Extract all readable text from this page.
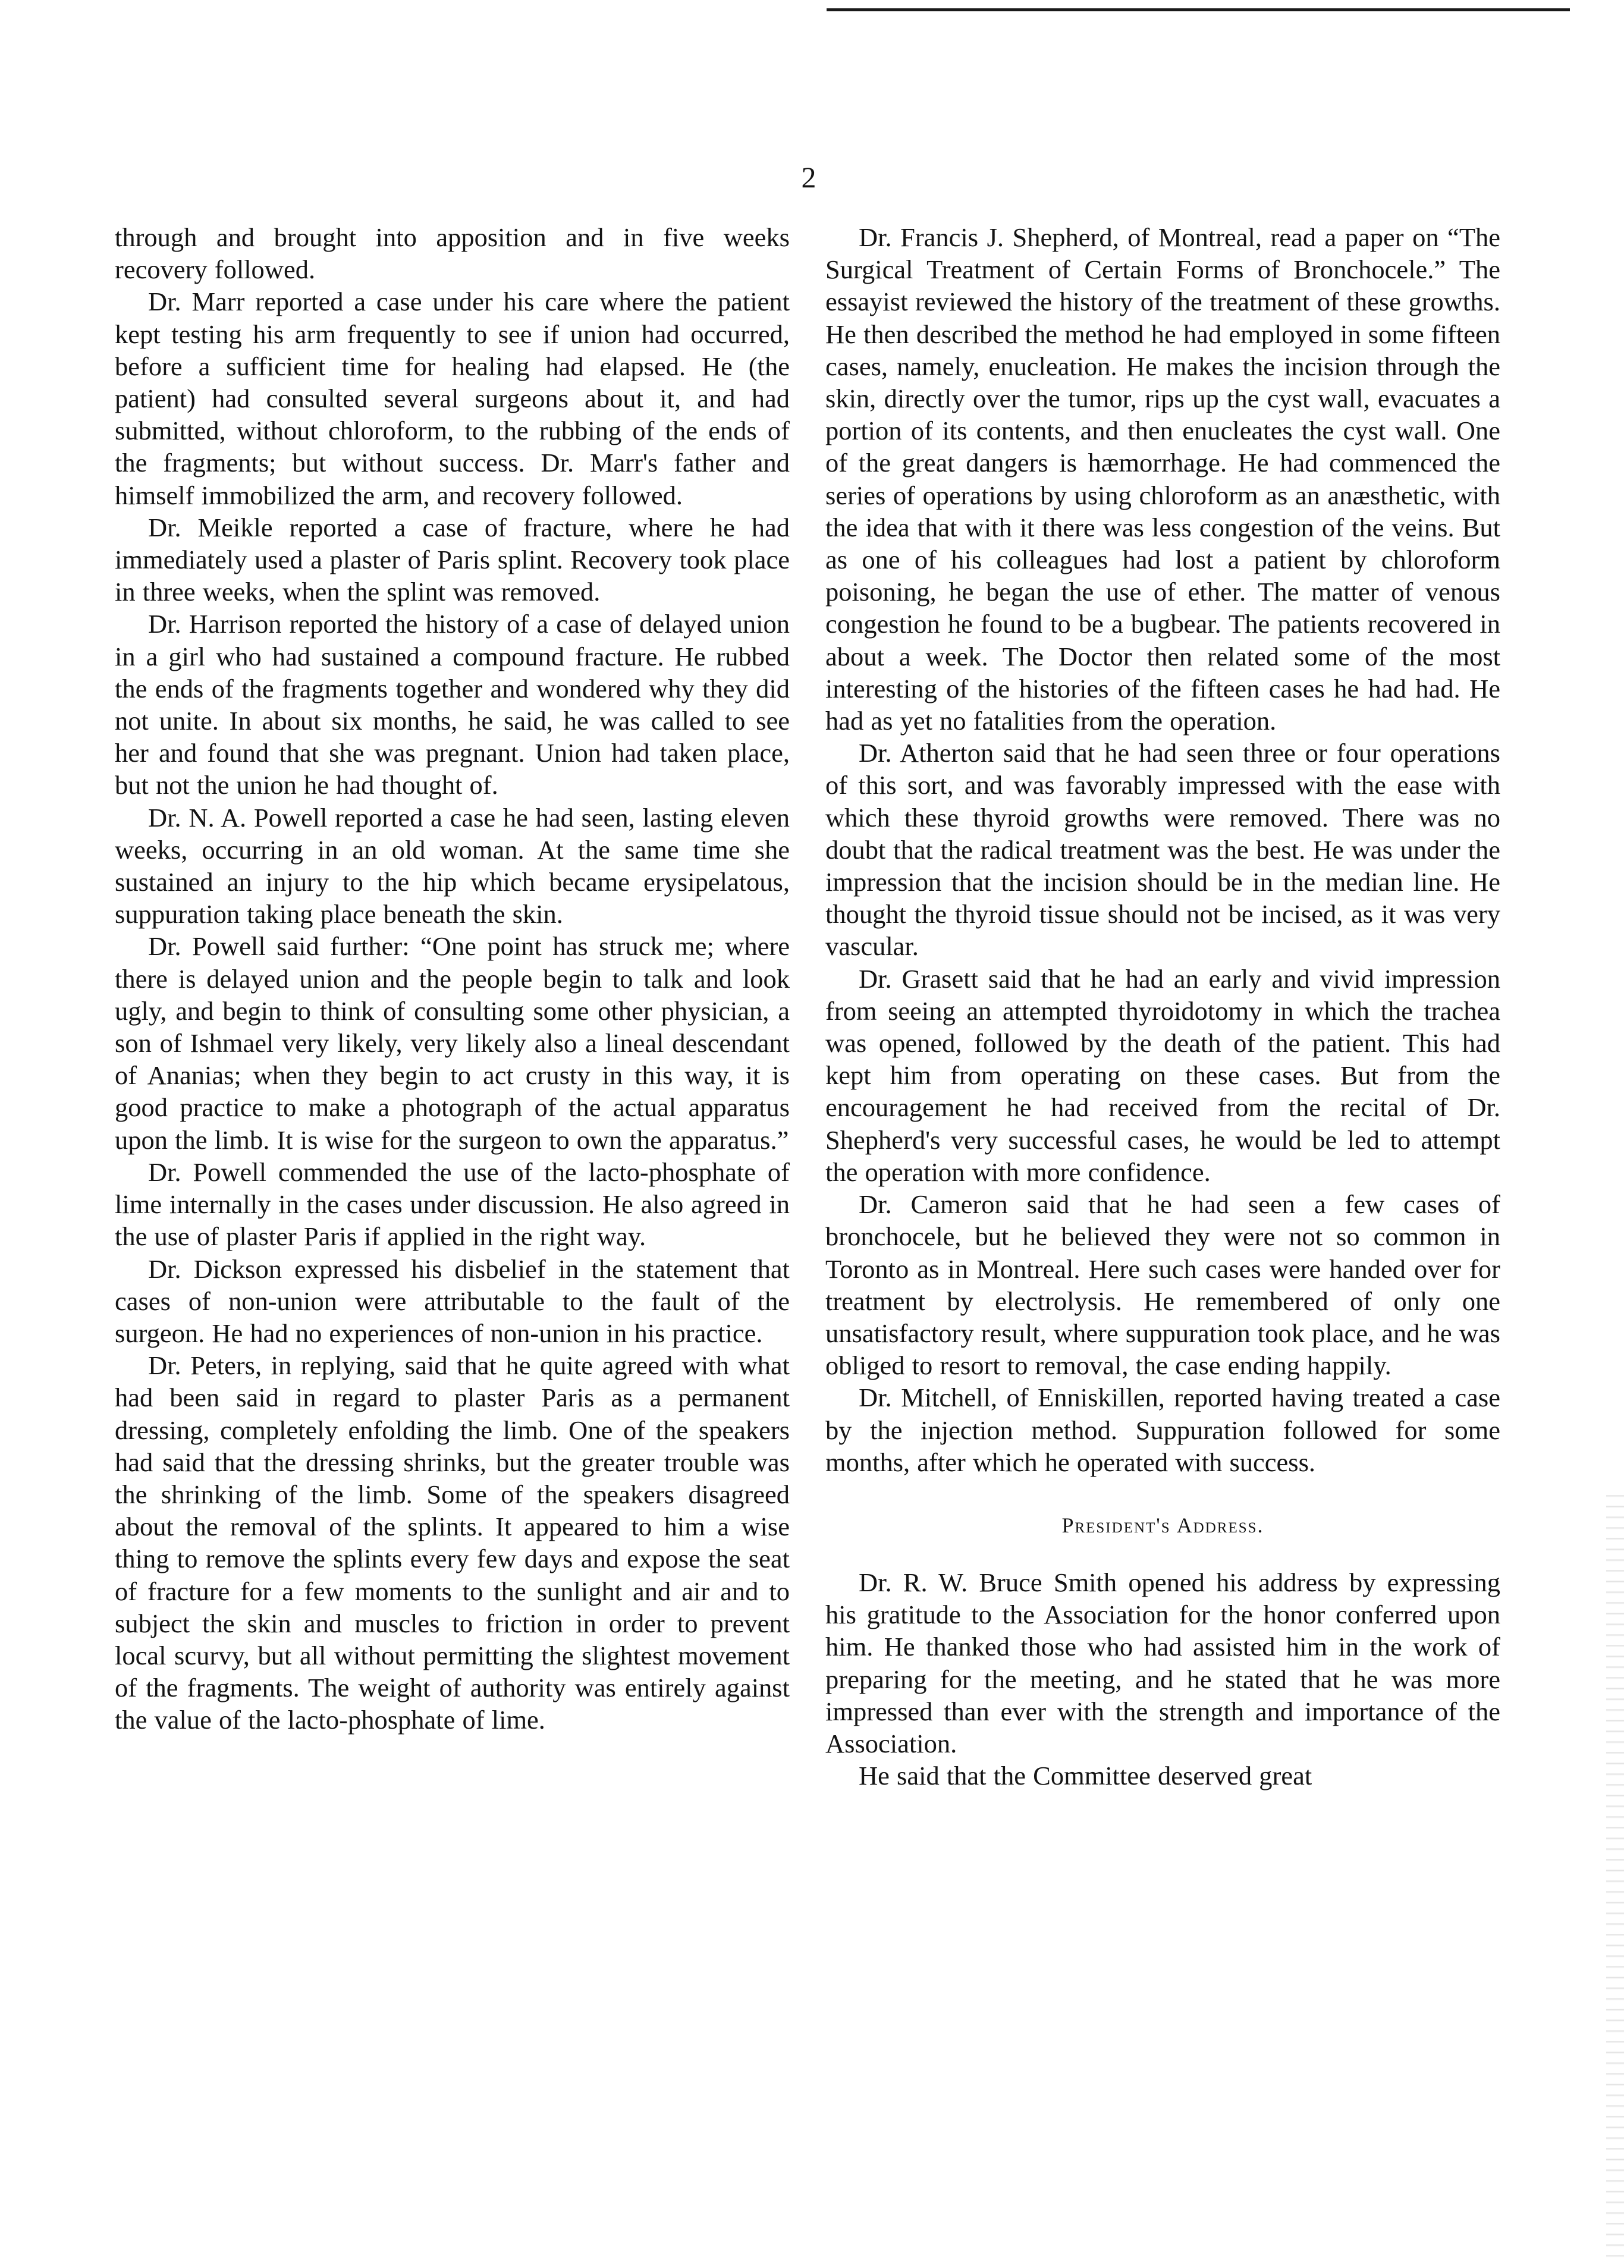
2

through and brought into apposition and in five weeks recovery followed.

Dr. Marr reported a case under his care where the patient kept testing his arm frequently to see if union had occurred, before a sufficient time for healing had elapsed. He (the patient) had consulted several surgeons about it, and had submitted, without chloroform, to the rubbing of the ends of the fragments; but without success. Dr. Marr's father and himself immobilized the arm, and recovery followed.

Dr. Meikle reported a case of fracture, where he had immediately used a plaster of Paris splint. Recovery took place in three weeks, when the splint was removed.

Dr. Harrison reported the history of a case of delayed union in a girl who had sustained a compound fracture. He rubbed the ends of the fragments together and wondered why they did not unite. In about six months, he said, he was called to see her and found that she was pregnant. Union had taken place, but not the union he had thought of.

Dr. N. A. Powell reported a case he had seen, lasting eleven weeks, occurring in an old woman. At the same time she sustained an injury to the hip which became erysipelatous, suppuration taking place beneath the skin.

Dr. Powell said further: “One point has struck me; where there is delayed union and the people begin to talk and look ugly, and begin to think of consulting some other physician, a son of Ishmael very likely, very likely also a lineal descendant of Ananias; when they begin to act crusty in this way, it is good practice to make a photograph of the actual apparatus upon the limb. It is wise for the surgeon to own the apparatus.”

Dr. Powell commended the use of the lacto-phosphate of lime internally in the cases under discussion. He also agreed in the use of plaster Paris if applied in the right way.

Dr. Dickson expressed his disbelief in the statement that cases of non-union were attributable to the fault of the surgeon. He had no experiences of non-union in his practice.

Dr. Peters, in replying, said that he quite agreed with what had been said in regard to plaster Paris as a permanent dressing, completely enfolding the limb. One of the speakers had said that the dressing shrinks, but the greater trouble was the shrinking of the limb. Some of the speakers disagreed about the removal of the splints. It appeared to him a wise thing to remove the splints every few days and expose the seat of fracture for a few moments to the sunlight and air and to subject the skin and muscles to friction in order to prevent local scurvy, but all without permitting the slightest movement of the fragments. The weight of authority was entirely against the value of the lacto-phosphate of lime.

Dr. Francis J. Shepherd, of Montreal, read a paper on “The Surgical Treatment of Certain Forms of Bronchocele.” The essayist reviewed the history of the treatment of these growths. He then described the method he had employed in some fifteen cases, namely, enucleation. He makes the incision through the skin, directly over the tumor, rips up the cyst wall, evacuates a portion of its contents, and then enucleates the cyst wall. One of the great dangers is hæmorrhage. He had commenced the series of operations by using chloroform as an anæsthetic, with the idea that with it there was less congestion of the veins. But as one of his colleagues had lost a patient by chloroform poisoning, he began the use of ether. The matter of venous congestion he found to be a bugbear. The patients recovered in about a week. The Doctor then related some of the most interesting of the histories of the fifteen cases he had had. He had as yet no fatalities from the operation.

Dr. Atherton said that he had seen three or four operations of this sort, and was favorably impressed with the ease with which these thyroid growths were removed. There was no doubt that the radical treatment was the best. He was under the impression that the incision should be in the median line. He thought the thyroid tissue should not be incised, as it was very vascular.

Dr. Grasett said that he had an early and vivid impression from seeing an attempted thyroidotomy in which the trachea was opened, followed by the death of the patient. This had kept him from operating on these cases. But from the encouragement he had received from the recital of Dr. Shepherd's very successful cases, he would be led to attempt the operation with more confidence.

Dr. Cameron said that he had seen a few cases of bronchocele, but he believed they were not so common in Toronto as in Montreal. Here such cases were handed over for treatment by electrolysis. He remembered of only one unsatisfactory result, where suppuration took place, and he was obliged to resort to removal, the case ending happily.

Dr. Mitchell, of Enniskillen, reported having treated a case by the injection method. Suppuration followed for some months, after which he operated with success.

President's Address.

Dr. R. W. Bruce Smith opened his address by expressing his gratitude to the Association for the honor conferred upon him. He thanked those who had assisted him in the work of preparing for the meeting, and he stated that he was more impressed than ever with the strength and importance of the Association.

He said that the Committee deserved great
